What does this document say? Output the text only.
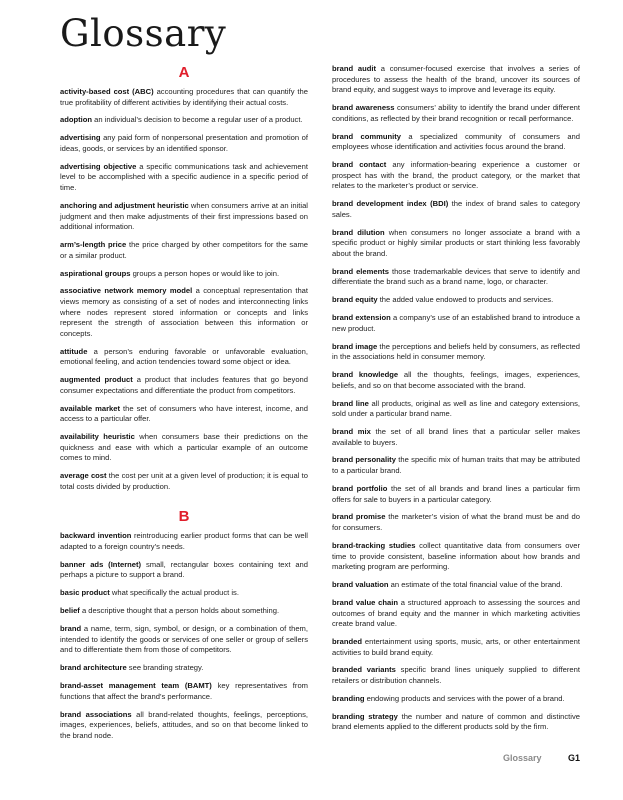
Glossary
A

activity-based cost (ABC) accounting procedures that can quantify the true profitability of different activities by identifying their actual costs.

adoption an individual’s decision to become a regular user of a product.

advertising any paid form of nonpersonal presentation and promotion of ideas, goods, or services by an identified sponsor.

advertising objective a specific communications task and achievement level to be accomplished with a specific audience in a specific period of time.

anchoring and adjustment heuristic when consumers arrive at an initial judgment and then make adjustments of their first impressions based on additional information.

arm’s-length price the price charged by other competitors for the same or a similar product.

aspirational groups groups a person hopes or would like to join.

associative network memory model a conceptual representation that views memory as consisting of a set of nodes and interconnecting links where nodes represent stored information or concepts and links represent the strength of association between this information or concepts.

attitude a person’s enduring favorable or unfavorable evaluation, emotional feeling, and action tendencies toward some object or idea.

augmented product a product that includes features that go beyond consumer expectations and differentiate the product from competitors.

available market the set of consumers who have interest, income, and access to a particular offer.

availability heuristic when consumers base their predictions on the quickness and ease with which a particular example of an outcome comes to mind.

average cost the cost per unit at a given level of production; it is equal to total costs divided by production.

B

backward invention reintroducing earlier product forms that can be well adapted to a foreign country’s needs.

banner ads (Internet) small, rectangular boxes containing text and perhaps a picture to support a brand.

basic product what specifically the actual product is.

belief a descriptive thought that a person holds about something.

brand a name, term, sign, symbol, or design, or a combination of them, intended to identify the goods or services of one seller or group of sellers and to differentiate them from those of competitors.

brand architecture see branding strategy.

brand-asset management team (BAMT) key representatives from functions that affect the brand’s performance.

brand associations all brand-related thoughts, feelings, perceptions, images, experiences, beliefs, attitudes, and so on that become linked to the brand node.

brand audit a consumer-focused exercise that involves a series of procedures to assess the health of the brand, uncover its sources of brand equity, and suggest ways to improve and leverage its equity.

brand awareness consumers’ ability to identify the brand under different conditions, as reflected by their brand recognition or recall performance.

brand community a specialized community of consumers and employees whose identification and activities focus around the brand.

brand contact any information-bearing experience a customer or prospect has with the brand, the product category, or the market that relates to the marketer’s product or service.

brand development index (BDI) the index of brand sales to category sales.

brand dilution when consumers no longer associate a brand with a specific product or highly similar products or start thinking less favorably about the brand.

brand elements those trademarkable devices that serve to identify and differentiate the brand such as a brand name, logo, or character.

brand equity the added value endowed to products and services.

brand extension a company’s use of an established brand to introduce a new product.

brand image the perceptions and beliefs held by consumers, as reflected in the associations held in consumer memory.

brand knowledge all the thoughts, feelings, images, experiences, beliefs, and so on that become associated with the brand.

brand line all products, original as well as line and category extensions, sold under a particular brand name.

brand mix the set of all brand lines that a particular seller makes available to buyers.

brand personality the specific mix of human traits that may be attributed to a particular brand.

brand portfolio the set of all brands and brand lines a particular firm offers for sale to buyers in a particular category.

brand promise the marketer’s vision of what the brand must be and do for consumers.

brand-tracking studies collect quantitative data from consumers over time to provide consistent, baseline information about how brands and marketing program are performing.

brand valuation an estimate of the total financial value of the brand.

brand value chain a structured approach to assessing the sources and outcomes of brand equity and the manner in which marketing activities create brand value.

branded entertainment using sports, music, arts, or other entertainment activities to build brand equity.

branded variants specific brand lines uniquely supplied to different retailers or distribution channels.

branding endowing products and services with the power of a brand.

branding strategy the number and nature of common and distinctive brand elements applied to the different products sold by the firm.

Glossary	G1
